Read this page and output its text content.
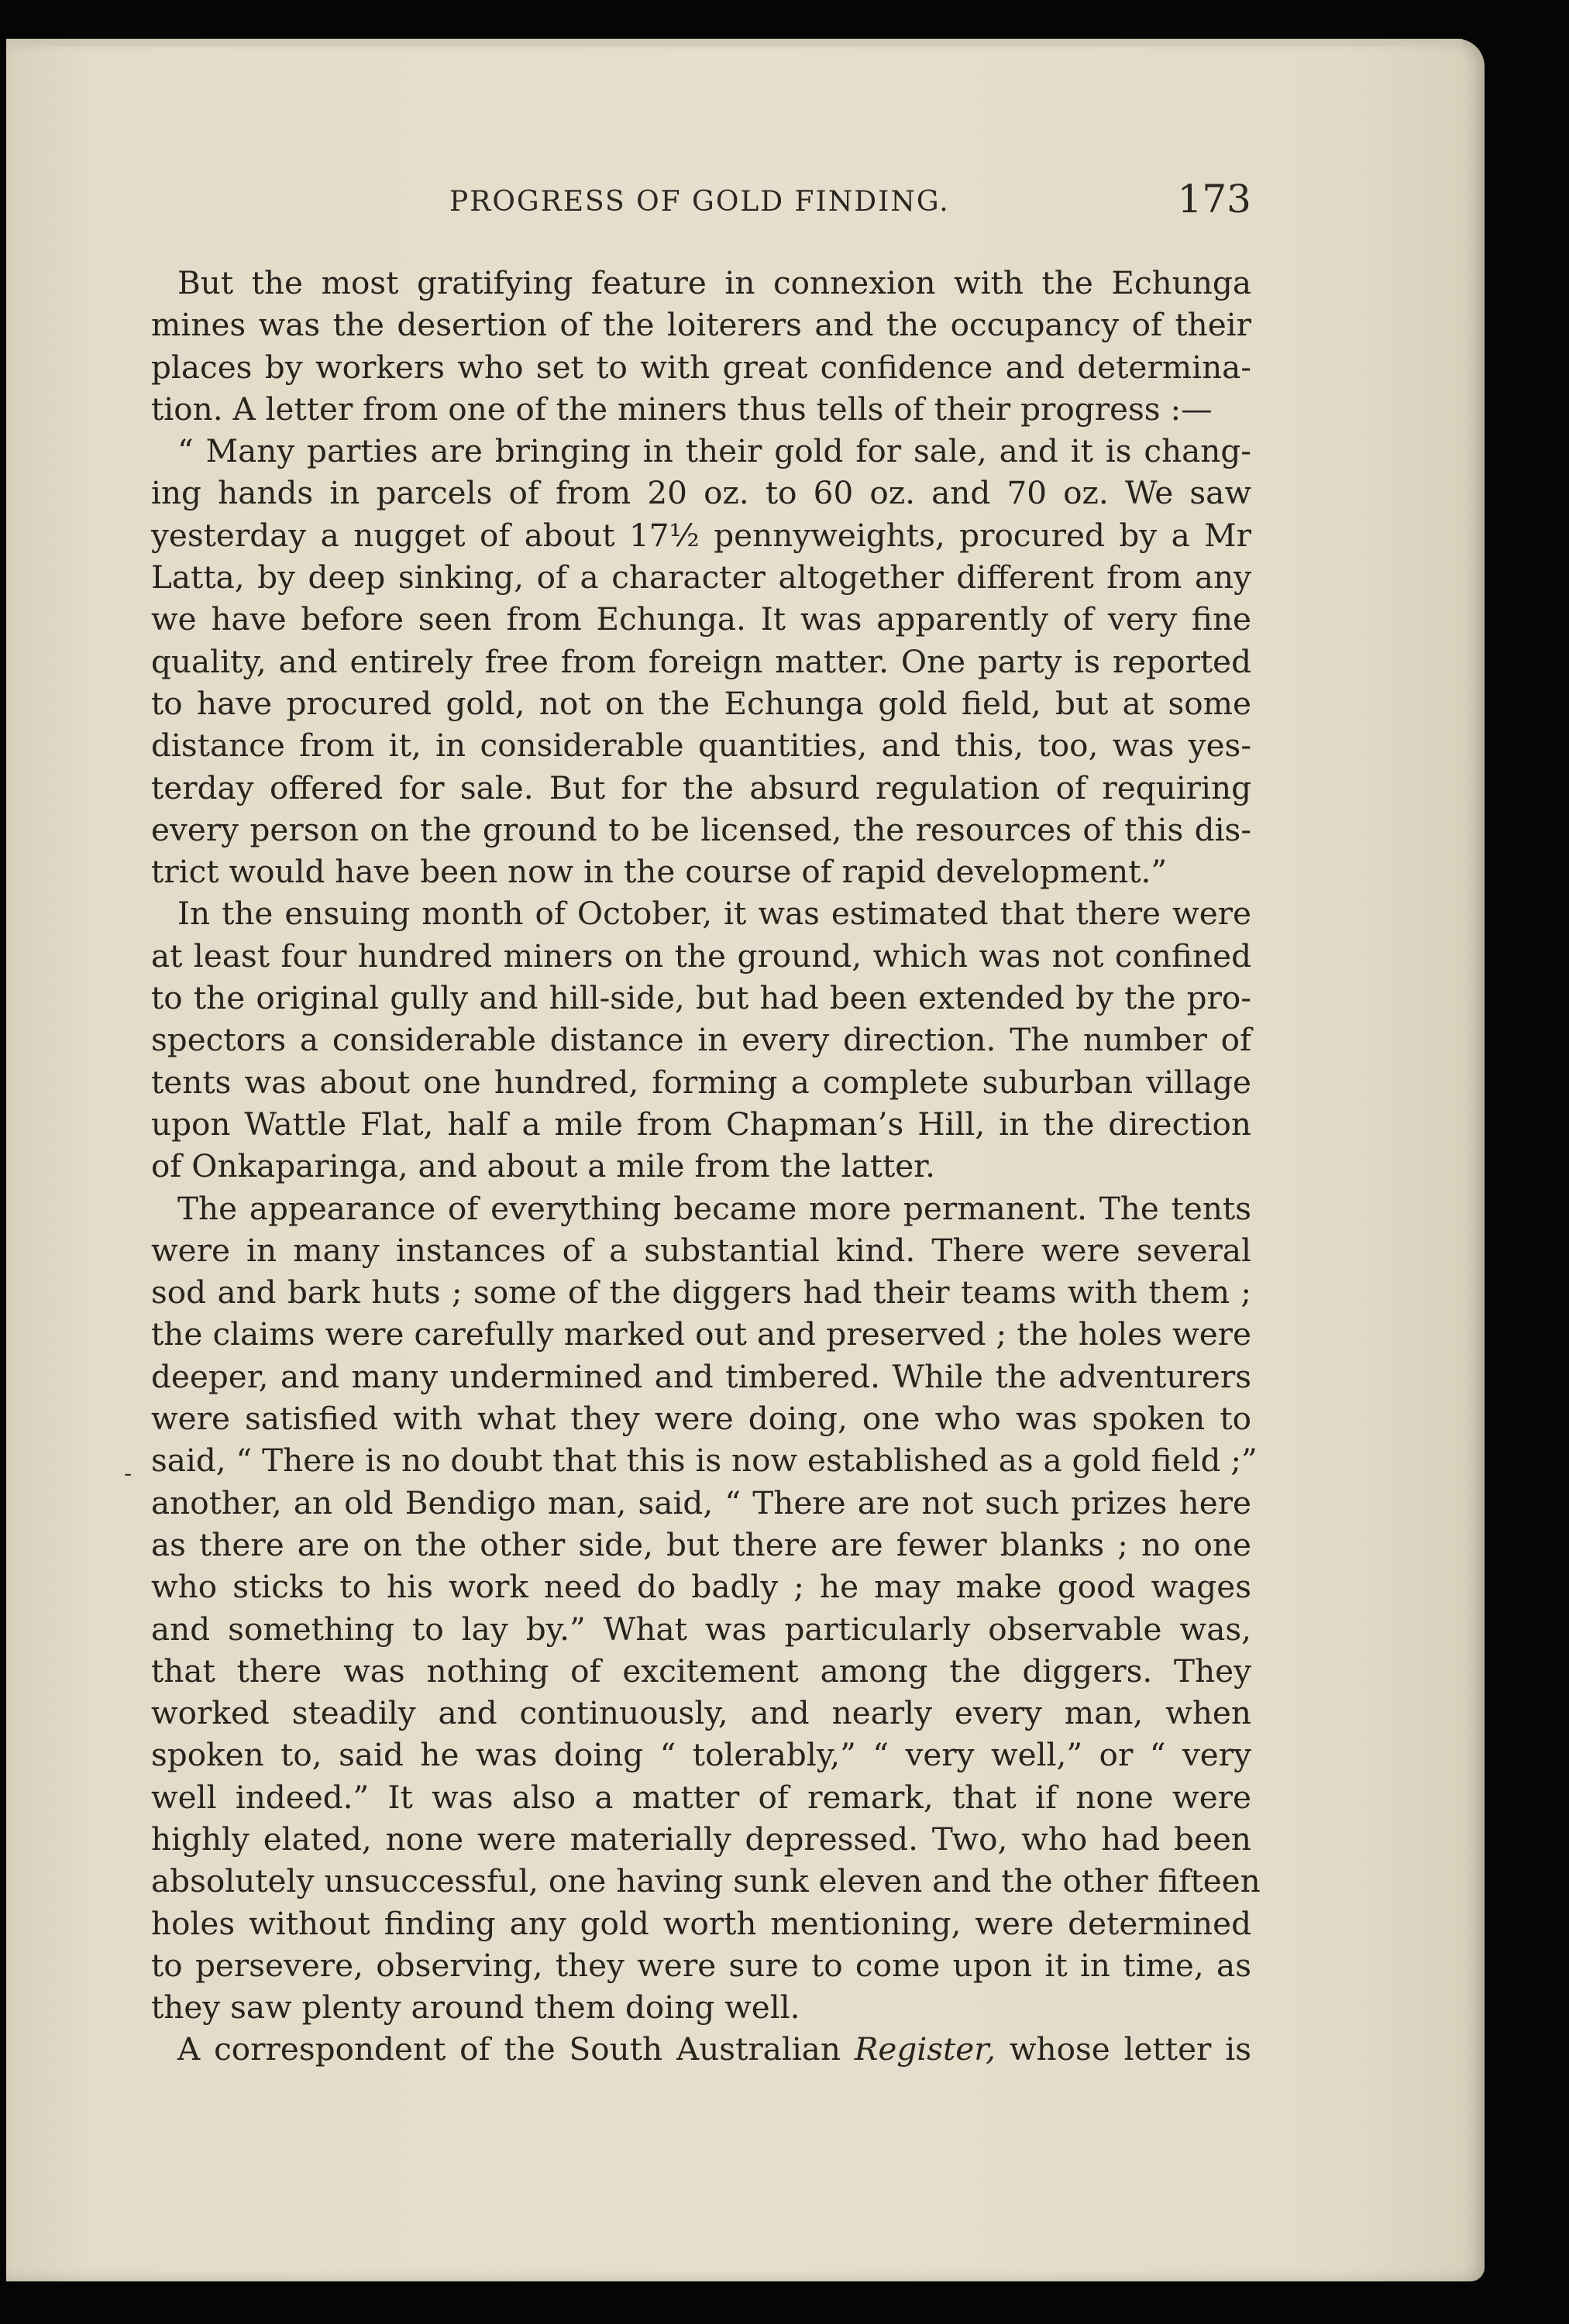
PROGRESS OF GOLD FINDING.	173
-
But the most gratifying feature in connexion with the Echunga
mines was the desertion of the loiterers and the occupancy of their
places by workers who set to with great confidence and determina-
tion. A letter from one of the miners thus tells of their progress :—
“ Many parties are bringing in their gold for sale, and it is chang-
ing hands in parcels of from 20 oz. to 60 oz. and 70 oz. We saw
yesterday a nugget of about 17½ pennyweights, procured by a Mr
Latta, by deep sinking, of a character altogether different from any
we have before seen from Echunga. It was apparently of very fine
quality, and entirely free from foreign matter. One party is reported
to have procured gold, not on the Echunga gold field, but at some
distance from it, in considerable quantities, and this, too, was yes-
terday offered for sale. But for the absurd regulation of requiring
every person on the ground to be licensed, the resources of this dis-
trict would have been now in the course of rapid development.”
In the ensuing month of October, it was estimated that there were
at least four hundred miners on the ground, which was not confined
to the original gully and hill-side, but had been extended by the pro-
spectors a considerable distance in every direction. The number of
tents was about one hundred, forming a complete suburban village
upon Wattle Flat, half a mile from Chapman’s Hill, in the direction
of Onkaparinga, and about a mile from the latter.
The appearance of everything became more permanent. The tents
were in many instances of a substantial kind. There were several
sod and bark huts ; some of the diggers had their teams with them ;
the claims were carefully marked out and preserved ; the holes were
deeper, and many undermined and timbered. While the adventurers
were satisfied with what they were doing, one who was spoken to
said, “ There is no doubt that this is now established as a gold field ;”
another, an old Bendigo man, said, “ There are not such prizes here
as there are on the other side, but there are fewer blanks ; no one
who sticks to his work need do badly ; he may make good wages
and something to lay by.” What was particularly observable was,
that there was nothing of excitement among the diggers. They
worked steadily and continuously, and nearly every man, when
spoken to, said he was doing “ tolerably,” “ very well,” or “ very
well indeed.” It was also a matter of remark, that if none were
highly elated, none were materially depressed. Two, who had been
absolutely unsuccessful, one having sunk eleven and the other fifteen
holes without finding any gold worth mentioning, were determined
to persevere, observing, they were sure to come upon it in time, as
they saw plenty around them doing well.
A correspondent of the South Australian Register, whose letter is
